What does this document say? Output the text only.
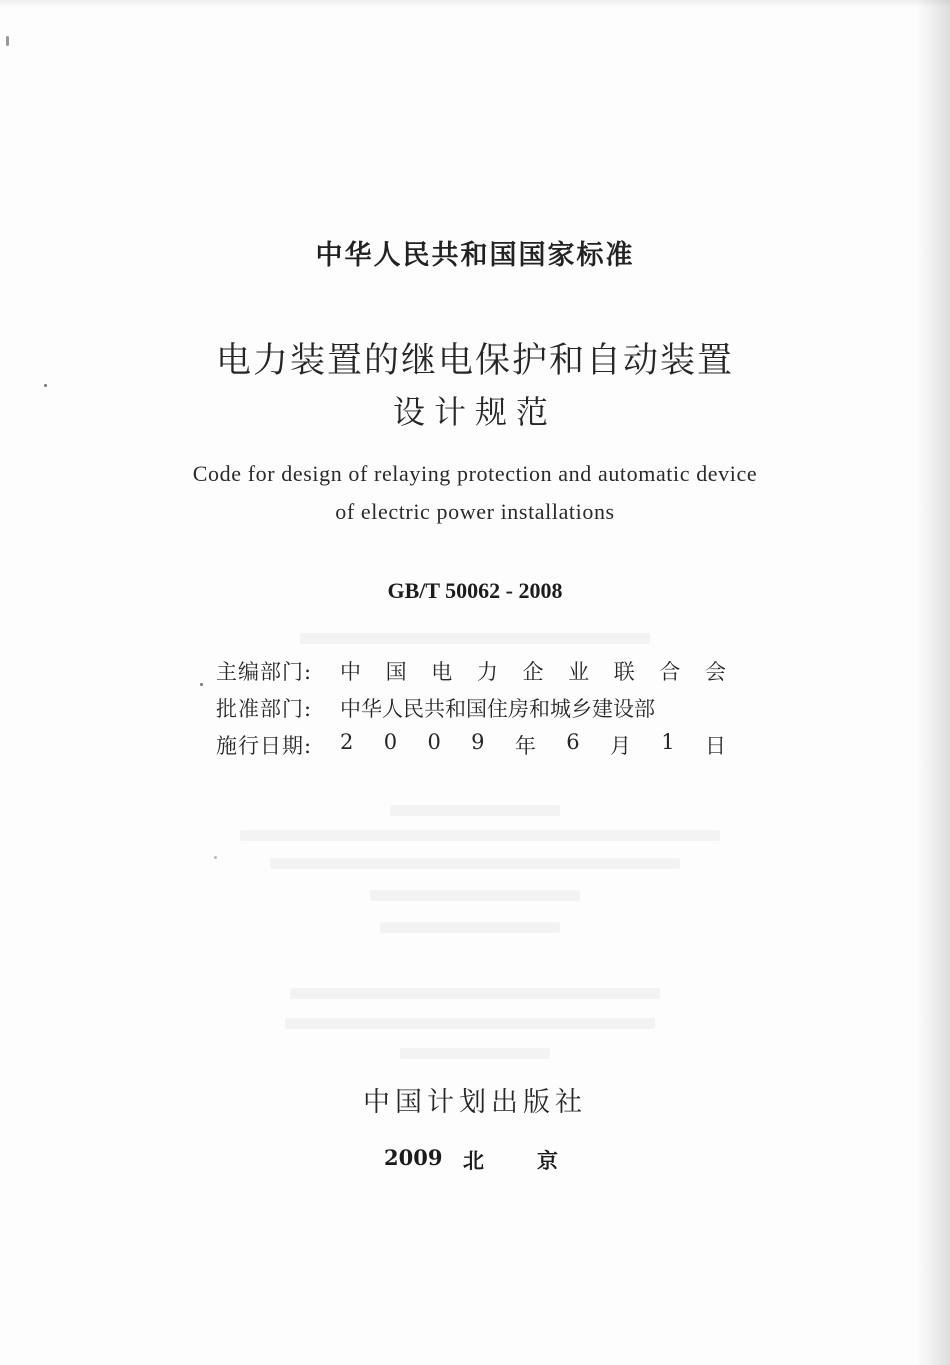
中华人民共和国国家标准
电力装置的继电保护和自动装置
设计规范
Code for design of relaying protection and automatic device
of electric power installations
GB/T 50062 - 2008
主编部门:	中 国 电 力 企 业 联 合 会
批准部门:	中华人民共和国住房和城乡建设部
施行日期:	2 0 0 9 年 6 月 1 日
中国计划出版社
2009 北	京
